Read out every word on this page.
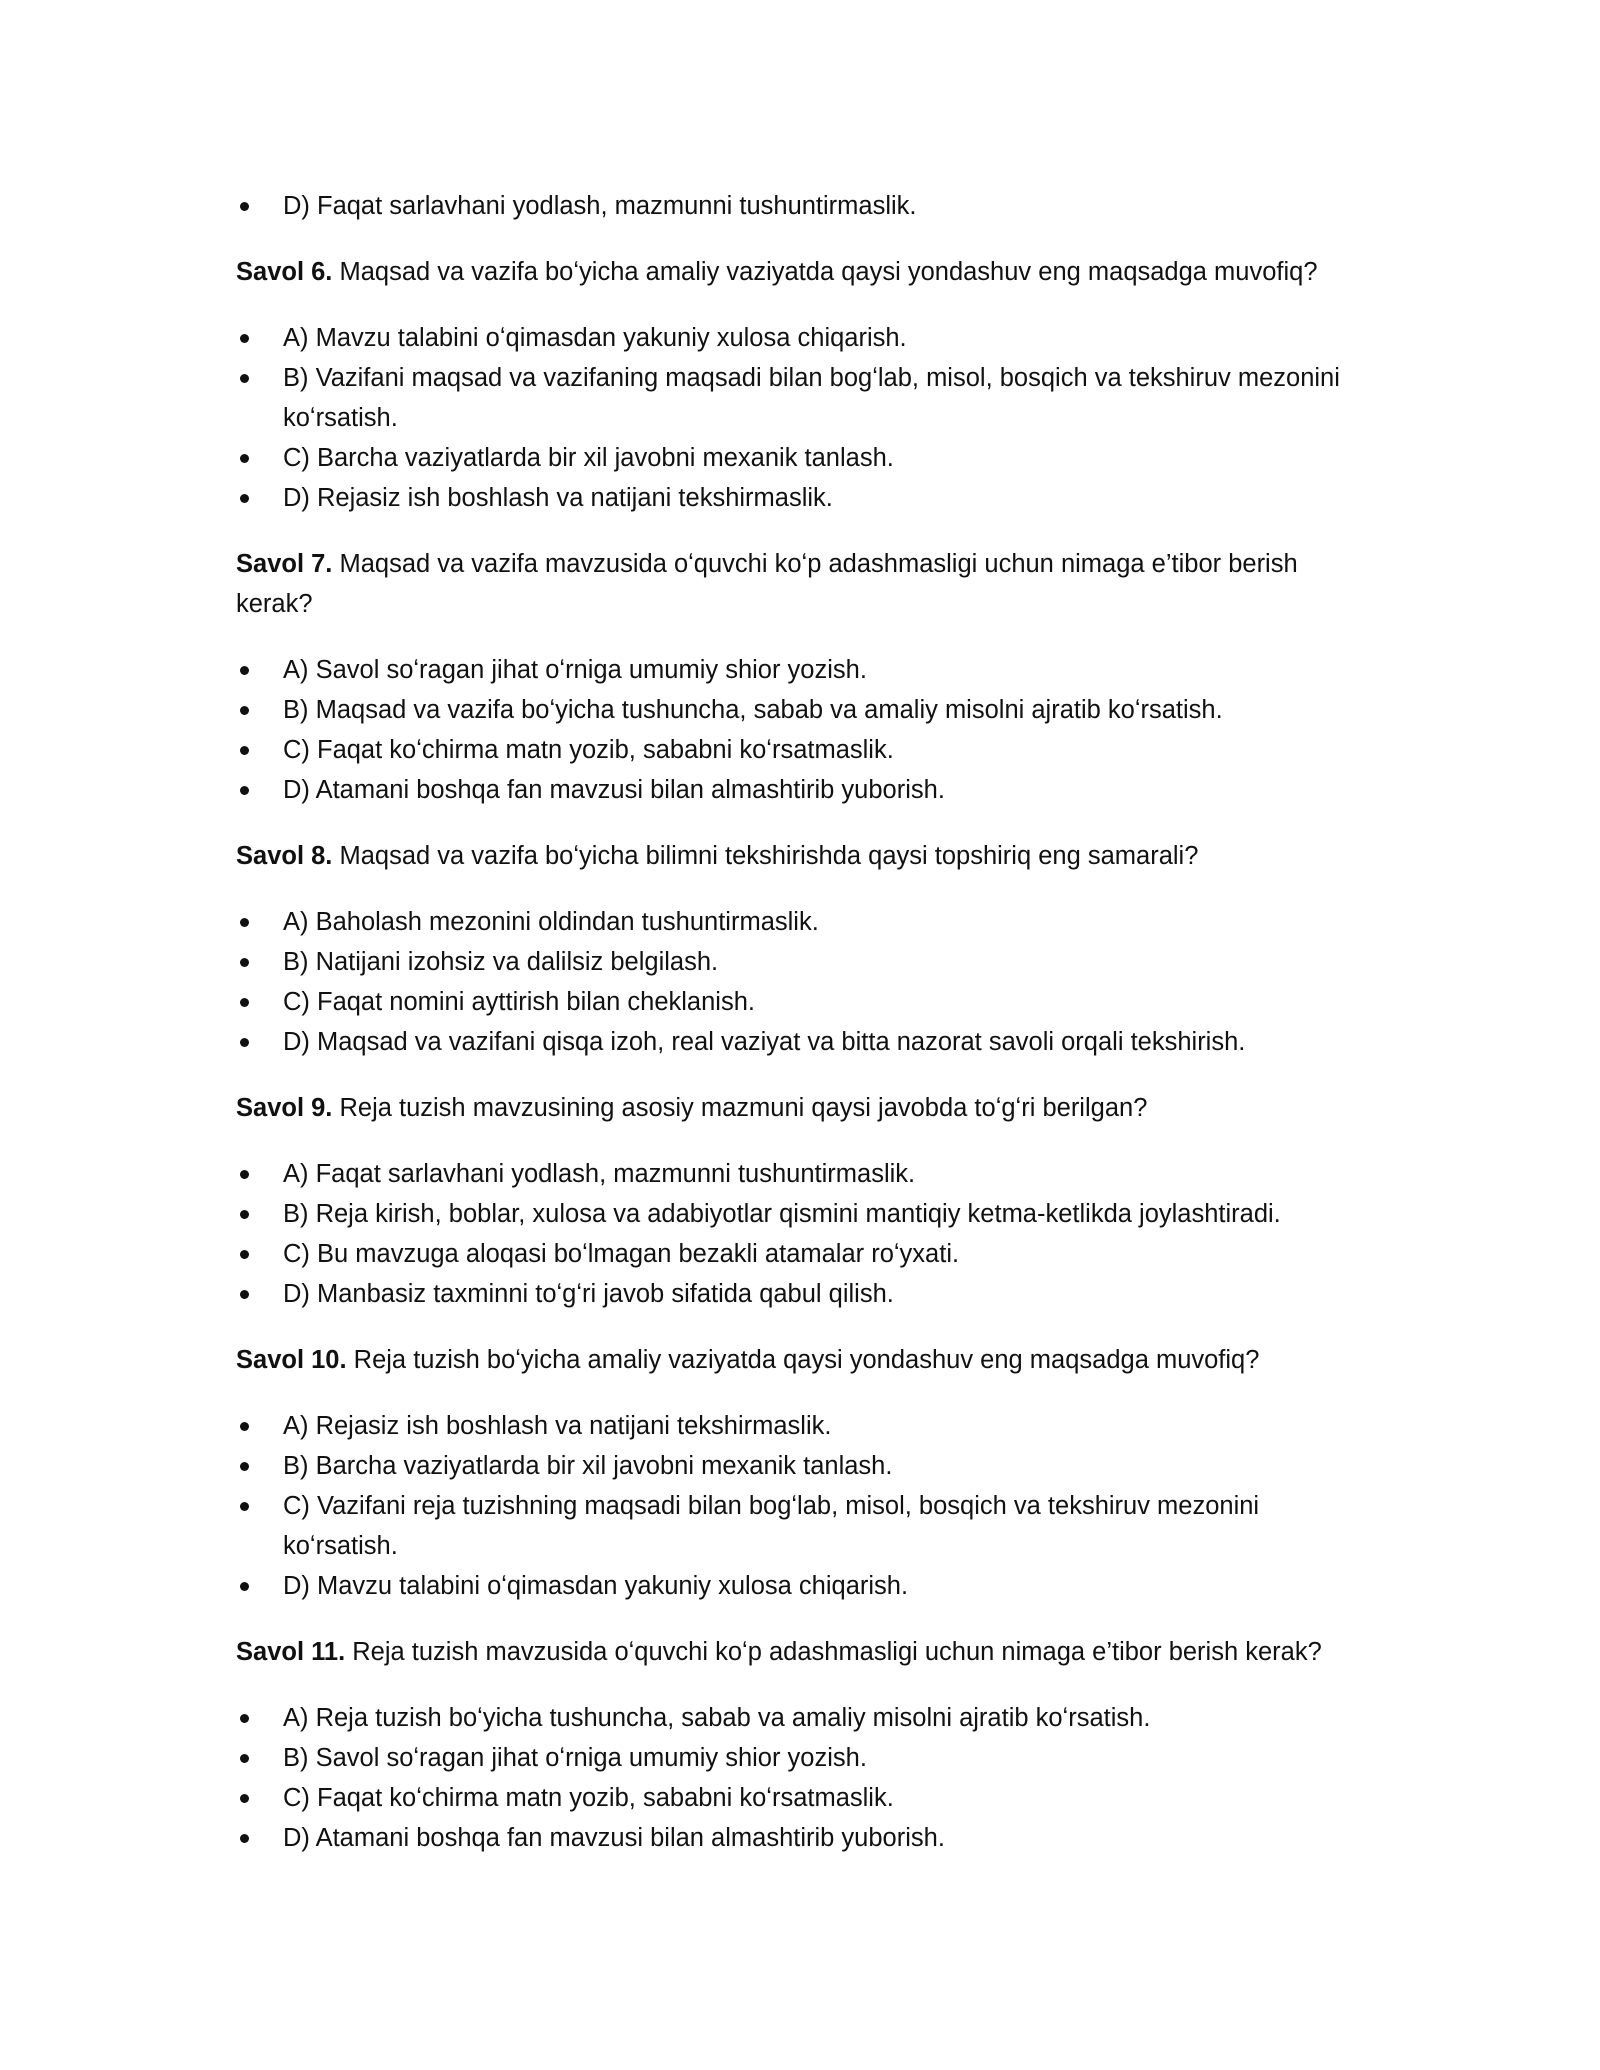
D) Faqat sarlavhani yodlash, mazmunni tushuntirmaslik.

Savol 6. Maqsad va vazifa boʻyicha amaliy vaziyatda qaysi yondashuv eng maqsadga muvofiq?

A) Mavzu talabini oʻqimasdan yakuniy xulosa chiqarish.
B) Vazifani maqsad va vazifaning maqsadi bilan bogʻlab, misol, bosqich va tekshiruv mezonini koʻrsatish.
C) Barcha vaziyatlarda bir xil javobni mexanik tanlash.
D) Rejasiz ish boshlash va natijani tekshirmaslik.

Savol 7. Maqsad va vazifa mavzusida oʻquvchi koʻp adashmasligi uchun nimaga e’tibor berish kerak?

A) Savol soʻragan jihat oʻrniga umumiy shior yozish.
B) Maqsad va vazifa boʻyicha tushuncha, sabab va amaliy misolni ajratib koʻrsatish.
C) Faqat koʻchirma matn yozib, sababni koʻrsatmaslik.
D) Atamani boshqa fan mavzusi bilan almashtirib yuborish.

Savol 8. Maqsad va vazifa boʻyicha bilimni tekshirishda qaysi topshiriq eng samarali?

A) Baholash mezonini oldindan tushuntirmaslik.
B) Natijani izohsiz va dalilsiz belgilash.
C) Faqat nomini ayttirish bilan cheklanish.
D) Maqsad va vazifani qisqa izoh, real vaziyat va bitta nazorat savoli orqali tekshirish.

Savol 9. Reja tuzish mavzusining asosiy mazmuni qaysi javobda toʻgʻri berilgan?

A) Faqat sarlavhani yodlash, mazmunni tushuntirmaslik.
B) Reja kirish, boblar, xulosa va adabiyotlar qismini mantiqiy ketma-ketlikda joylashtiradi.
C) Bu mavzuga aloqasi boʻlmagan bezakli atamalar roʻyxati.
D) Manbasiz taxminni toʻgʻri javob sifatida qabul qilish.

Savol 10. Reja tuzish boʻyicha amaliy vaziyatda qaysi yondashuv eng maqsadga muvofiq?

A) Rejasiz ish boshlash va natijani tekshirmaslik.
B) Barcha vaziyatlarda bir xil javobni mexanik tanlash.
C) Vazifani reja tuzishning maqsadi bilan bogʻlab, misol, bosqich va tekshiruv mezonini koʻrsatish.
D) Mavzu talabini oʻqimasdan yakuniy xulosa chiqarish.

Savol 11. Reja tuzish mavzusida oʻquvchi koʻp adashmasligi uchun nimaga e’tibor berish kerak?

A) Reja tuzish boʻyicha tushuncha, sabab va amaliy misolni ajratib koʻrsatish.
B) Savol soʻragan jihat oʻrniga umumiy shior yozish.
C) Faqat koʻchirma matn yozib, sababni koʻrsatmaslik.
D) Atamani boshqa fan mavzusi bilan almashtirib yuborish.
